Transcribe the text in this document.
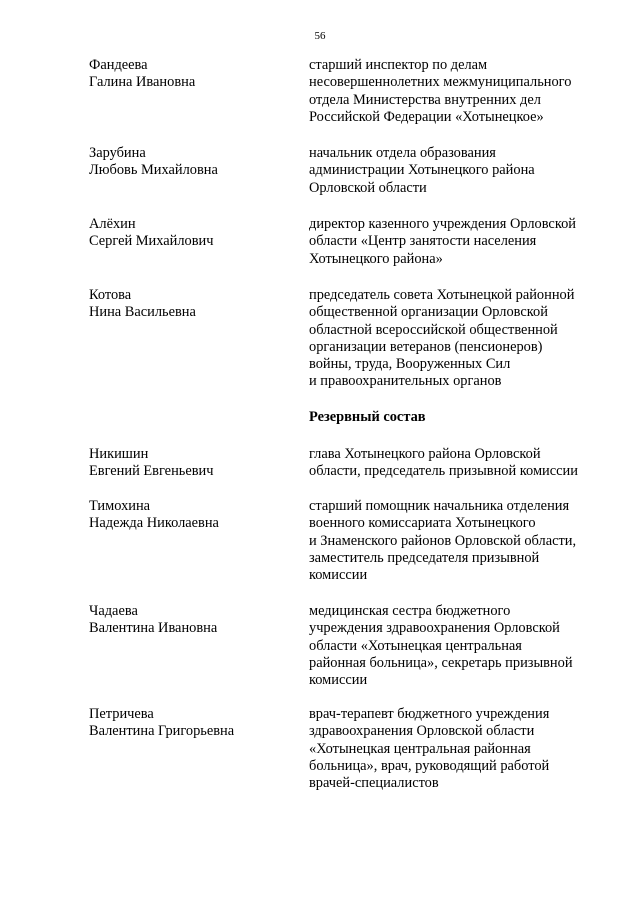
56
Фандеева
Галина Ивановна
старший инспектор по делам
несовершеннолетних межмуниципального
отдела Министерства внутренних дел
Российской Федерации «Хотынецкое»
Зарубина
Любовь Михайловна
начальник отдела образования
администрации Хотынецкого района
Орловской области
Алёхин
Сергей Михайлович
директор казенного учреждения Орловской
области «Центр занятости населения
Хотынецкого района»
Котова
Нина Васильевна
председатель совета Хотынецкой районной
общественной организации Орловской
областной всероссийской общественной
организации ветеранов (пенсионеров)
войны, труда, Вооруженных Сил
и правоохранительных органов
Резервный состав
Никишин
Евгений Евгеньевич
глава Хотынецкого района Орловской
области, председатель призывной комиссии
Тимохина
Надежда Николаевна
старший помощник начальника отделения
военного комиссариата Хотынецкого
и Знаменского районов Орловской области,
заместитель председателя призывной
комиссии
Чадаева
Валентина Ивановна
медицинская сестра бюджетного
учреждения здравоохранения Орловской
области «Хотынецкая центральная
районная больница», секретарь призывной
комиссии
Петричева
Валентина Григорьевна
врач-терапевт бюджетного учреждения
здравоохранения Орловской области
«Хотынецкая центральная районная
больница», врач, руководящий работой
врачей-специалистов
